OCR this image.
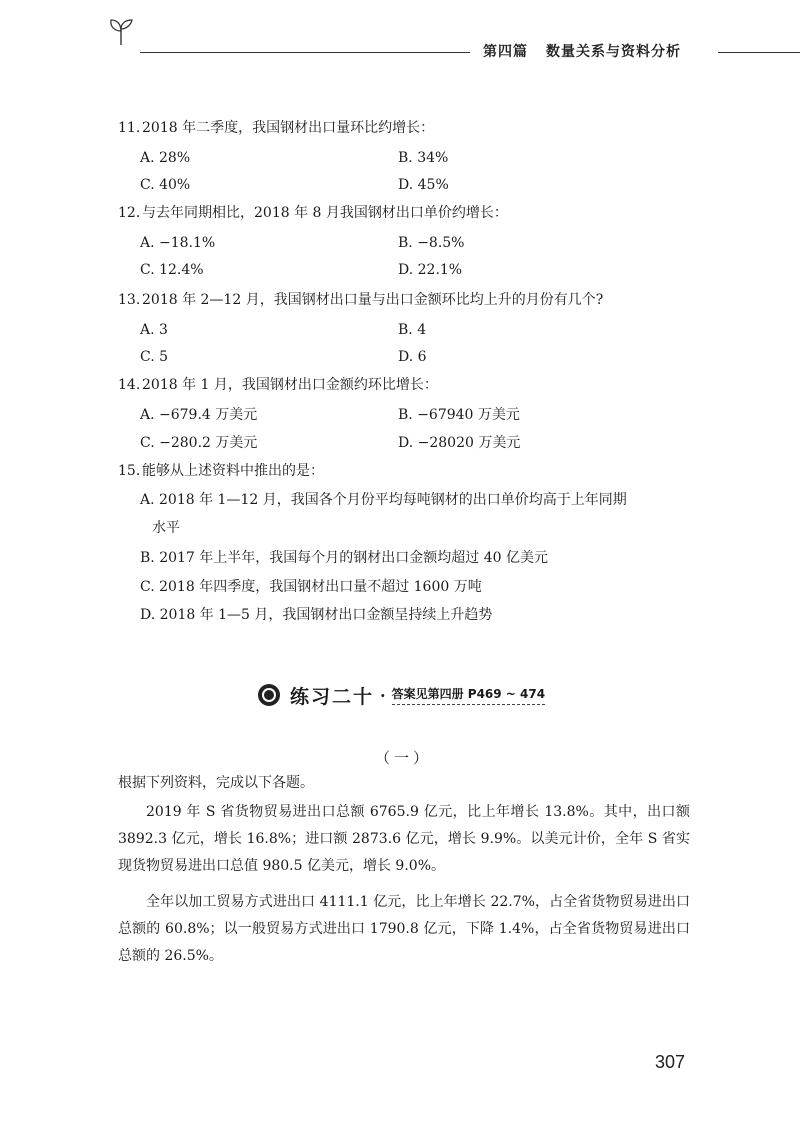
第四篇 数量关系与资料分析
11. 2018 年二季度，我国钢材出口量环比约增长：
A. 28%	B. 34%
C. 40%	D. 45%
12. 与去年同期相比，2018 年 8 月我国钢材出口单价约增长：
A. −18.1%	B. −8.5%
C. 12.4%	D. 22.1%
13. 2018 年 2—12 月，我国钢材出口量与出口金额环比均上升的月份有几个?
A. 3	B. 4
C. 5	D. 6
14. 2018 年 1 月，我国钢材出口金额约环比增长：
A. −679.4 万美元	B. −67940 万美元
C. −280.2 万美元	D. −28020 万美元
15. 能够从上述资料中推出的是：
A. 2018 年 1—12 月，我国各个月份平均每吨钢材的出口单价均高于上年同期
水平
B. 2017 年上半年，我国每个月的钢材出口金额均超过 40 亿美元
C. 2018 年四季度，我国钢材出口量不超过 1600 万吨
D. 2018 年 1—5 月，我国钢材出口金额呈持续上升趋势
练习二十 · 答案见第四册 P469 ~ 474
（一）
根据下列资料，完成以下各题。
2019 年 S 省货物贸易进出口总额 6765.9 亿元，比上年增长 13.8%。其中，出口额 3892.3 亿元，增长 16.8%；进口额 2873.6 亿元，增长 9.9%。以美元计价，全年 S 省实现货物贸易进出口总值 980.5 亿美元，增长 9.0%。
全年以加工贸易方式进出口 4111.1 亿元，比上年增长 22.7%，占全省货物贸易进出口总额的 60.8%；以一般贸易方式进出口 1790.8 亿元，下降 1.4%，占全省货物贸易进出口总额的 26.5%。
307
